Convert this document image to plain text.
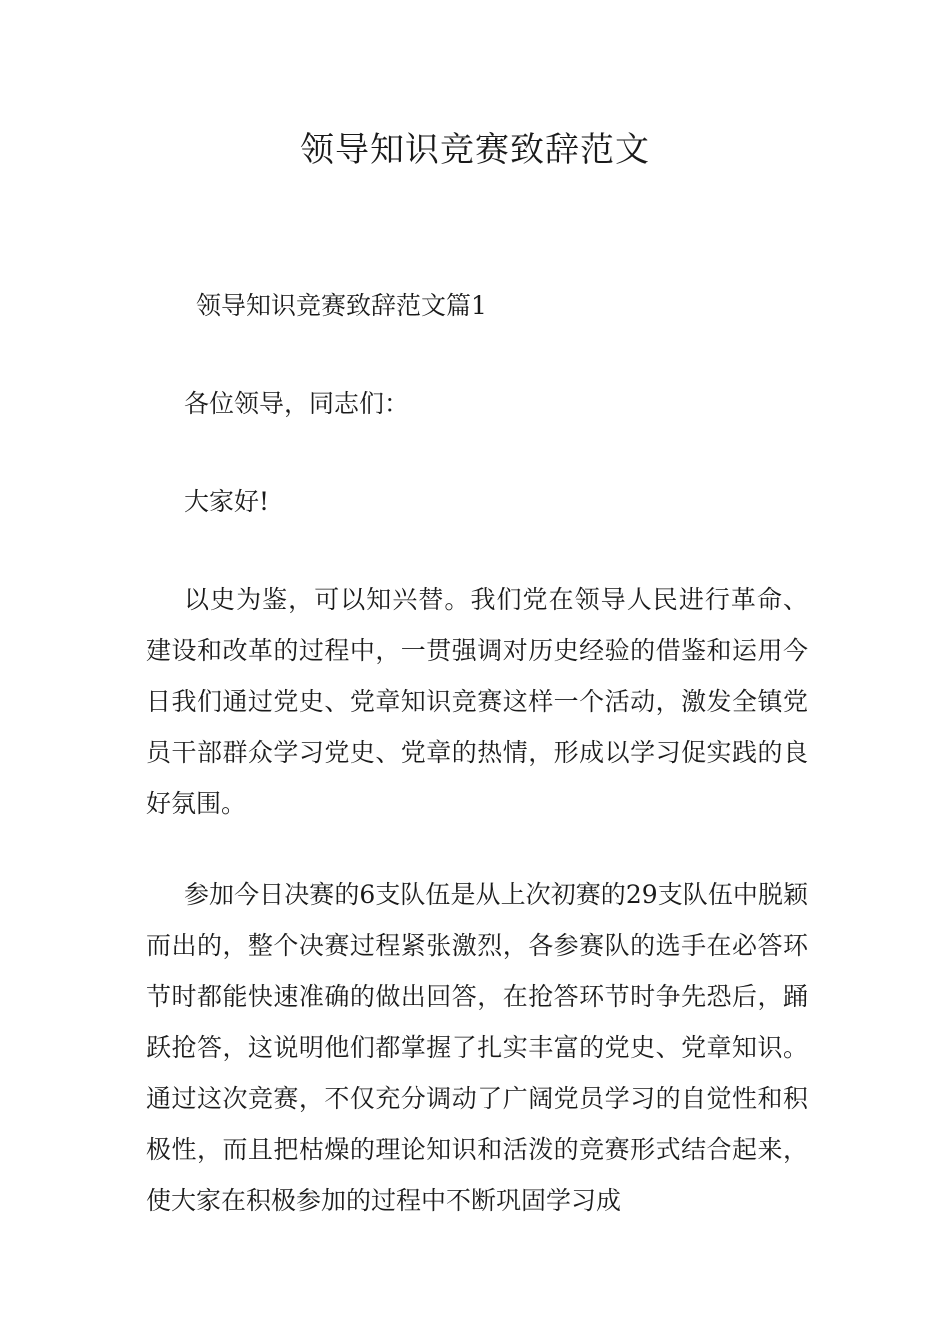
领导知识竞赛致辞范文

领导知识竞赛致辞范文篇1

各位领导，同志们：

大家好!

以史为鉴，可以知兴替。我们党在领导人民进行革命、建设和改革的过程中，一贯强调对历史经验的借鉴和运用今日我们通过党史、党章知识竞赛这样一个活动，激发全镇党员干部群众学习党史、党章的热情，形成以学习促实践的良好氛围。

参加今日决赛的6支队伍是从上次初赛的29支队伍中脱颖而出的，整个决赛过程紧张激烈，各参赛队的选手在必答环节时都能快速准确的做出回答，在抢答环节时争先恐后，踊跃抢答，这说明他们都掌握了扎实丰富的党史、党章知识。通过这次竞赛，不仅充分调动了广阔党员学习的自觉性和积极性，而且把枯燥的理论知识和活泼的竞赛形式结合起来，使大家在积极参加的过程中不断巩固学习成
